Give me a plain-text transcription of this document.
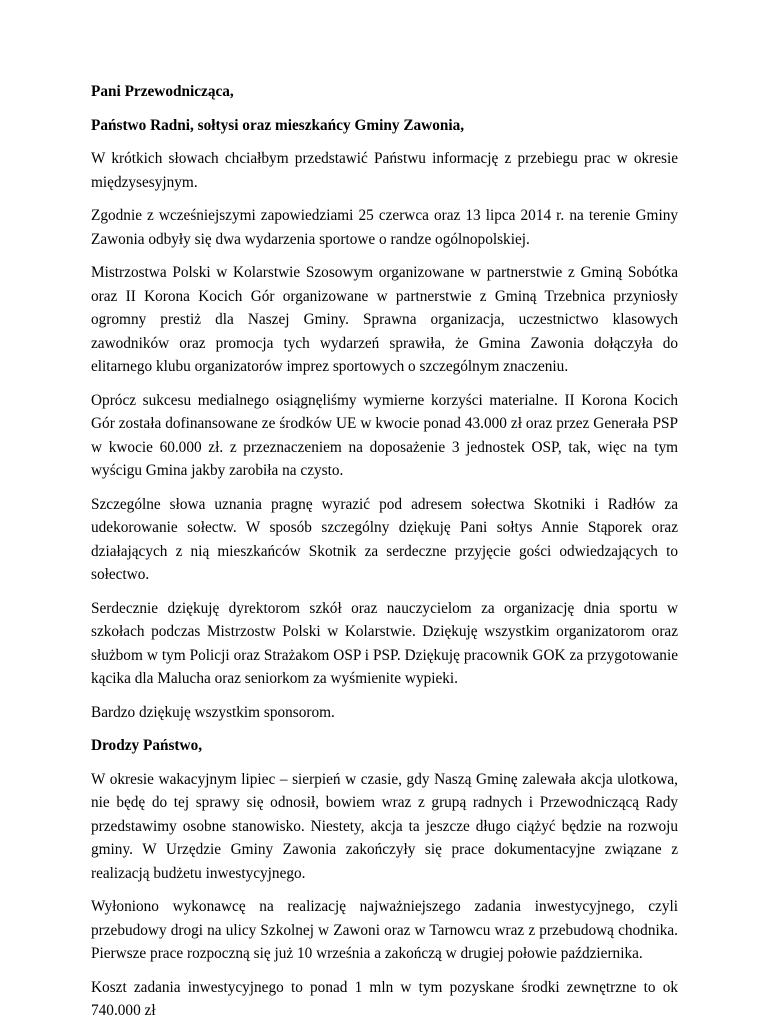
Pani Przewodnicząca,

Państwo Radni, sołtysi oraz mieszkańcy Gminy Zawonia,

W krótkich słowach chciałbym przedstawić Państwu informację z przebiegu prac w okresie międzysesyjnym.

Zgodnie z wcześniejszymi zapowiedziami 25 czerwca oraz 13 lipca 2014 r. na terenie Gminy Zawonia odbyły się dwa wydarzenia sportowe o randze ogólnopolskiej.

Mistrzostwa Polski w Kolarstwie Szosowym organizowane w partnerstwie z Gminą Sobótka oraz II Korona Kocich Gór organizowane w partnerstwie z Gminą Trzebnica przyniosły ogromny prestiż dla Naszej Gminy. Sprawna organizacja, uczestnictwo klasowych zawodników oraz promocja tych wydarzeń sprawiła, że Gmina Zawonia dołączyła do elitarnego klubu organizatorów imprez sportowych o szczególnym znaczeniu.

Oprócz sukcesu medialnego osiągnęliśmy wymierne korzyści materialne. II Korona Kocich Gór została dofinansowane ze środków UE w kwocie ponad 43.000 zł oraz przez Generała PSP w kwocie 60.000 zł. z przeznaczeniem na doposażenie 3 jednostek OSP, tak, więc na tym wyścigu Gmina jakby zarobiła na czysto.

Szczególne słowa uznania pragnę wyrazić pod adresem sołectwa Skotniki i Radłów za udekorowanie sołectw. W sposób szczególny dziękuję Pani sołtys Annie Stąporek oraz działających z nią mieszkańców Skotnik za serdeczne przyjęcie gości odwiedzających to sołectwo.

Serdecznie dziękuję dyrektorom szkół oraz nauczycielom za organizację dnia sportu w szkołach podczas Mistrzostw Polski w Kolarstwie. Dziękuję wszystkim organizatorom oraz służbom w tym Policji oraz Strażakom OSP i PSP. Dziękuję pracownik GOK za przygotowanie kącika dla Malucha oraz seniorkom za wyśmienite wypieki.

Bardzo dziękuję wszystkim sponsorom.

Drodzy Państwo,

W okresie wakacyjnym lipiec – sierpień w czasie, gdy Naszą Gminę zalewała akcja ulotkowa, nie będę do tej sprawy się odnosił, bowiem wraz z grupą radnych i Przewodniczącą Rady przedstawimy osobne stanowisko. Niestety, akcja ta jeszcze długo ciążyć będzie na rozwoju gminy. W Urzędzie Gminy Zawonia zakończyły się prace dokumentacyjne związane z realizacją budżetu inwestycyjnego.

Wyłoniono wykonawcę na realizację najważniejszego zadania inwestycyjnego, czyli przebudowy drogi na ulicy Szkolnej w Zawoni oraz w Tarnowcu wraz z przebudową chodnika. Pierwsze prace rozpoczną się już 10 września a zakończą w drugiej połowie października.

Koszt zadania inwestycyjnego to ponad 1 mln w tym pozyskane środki zewnętrzne to ok 740.000 zł
